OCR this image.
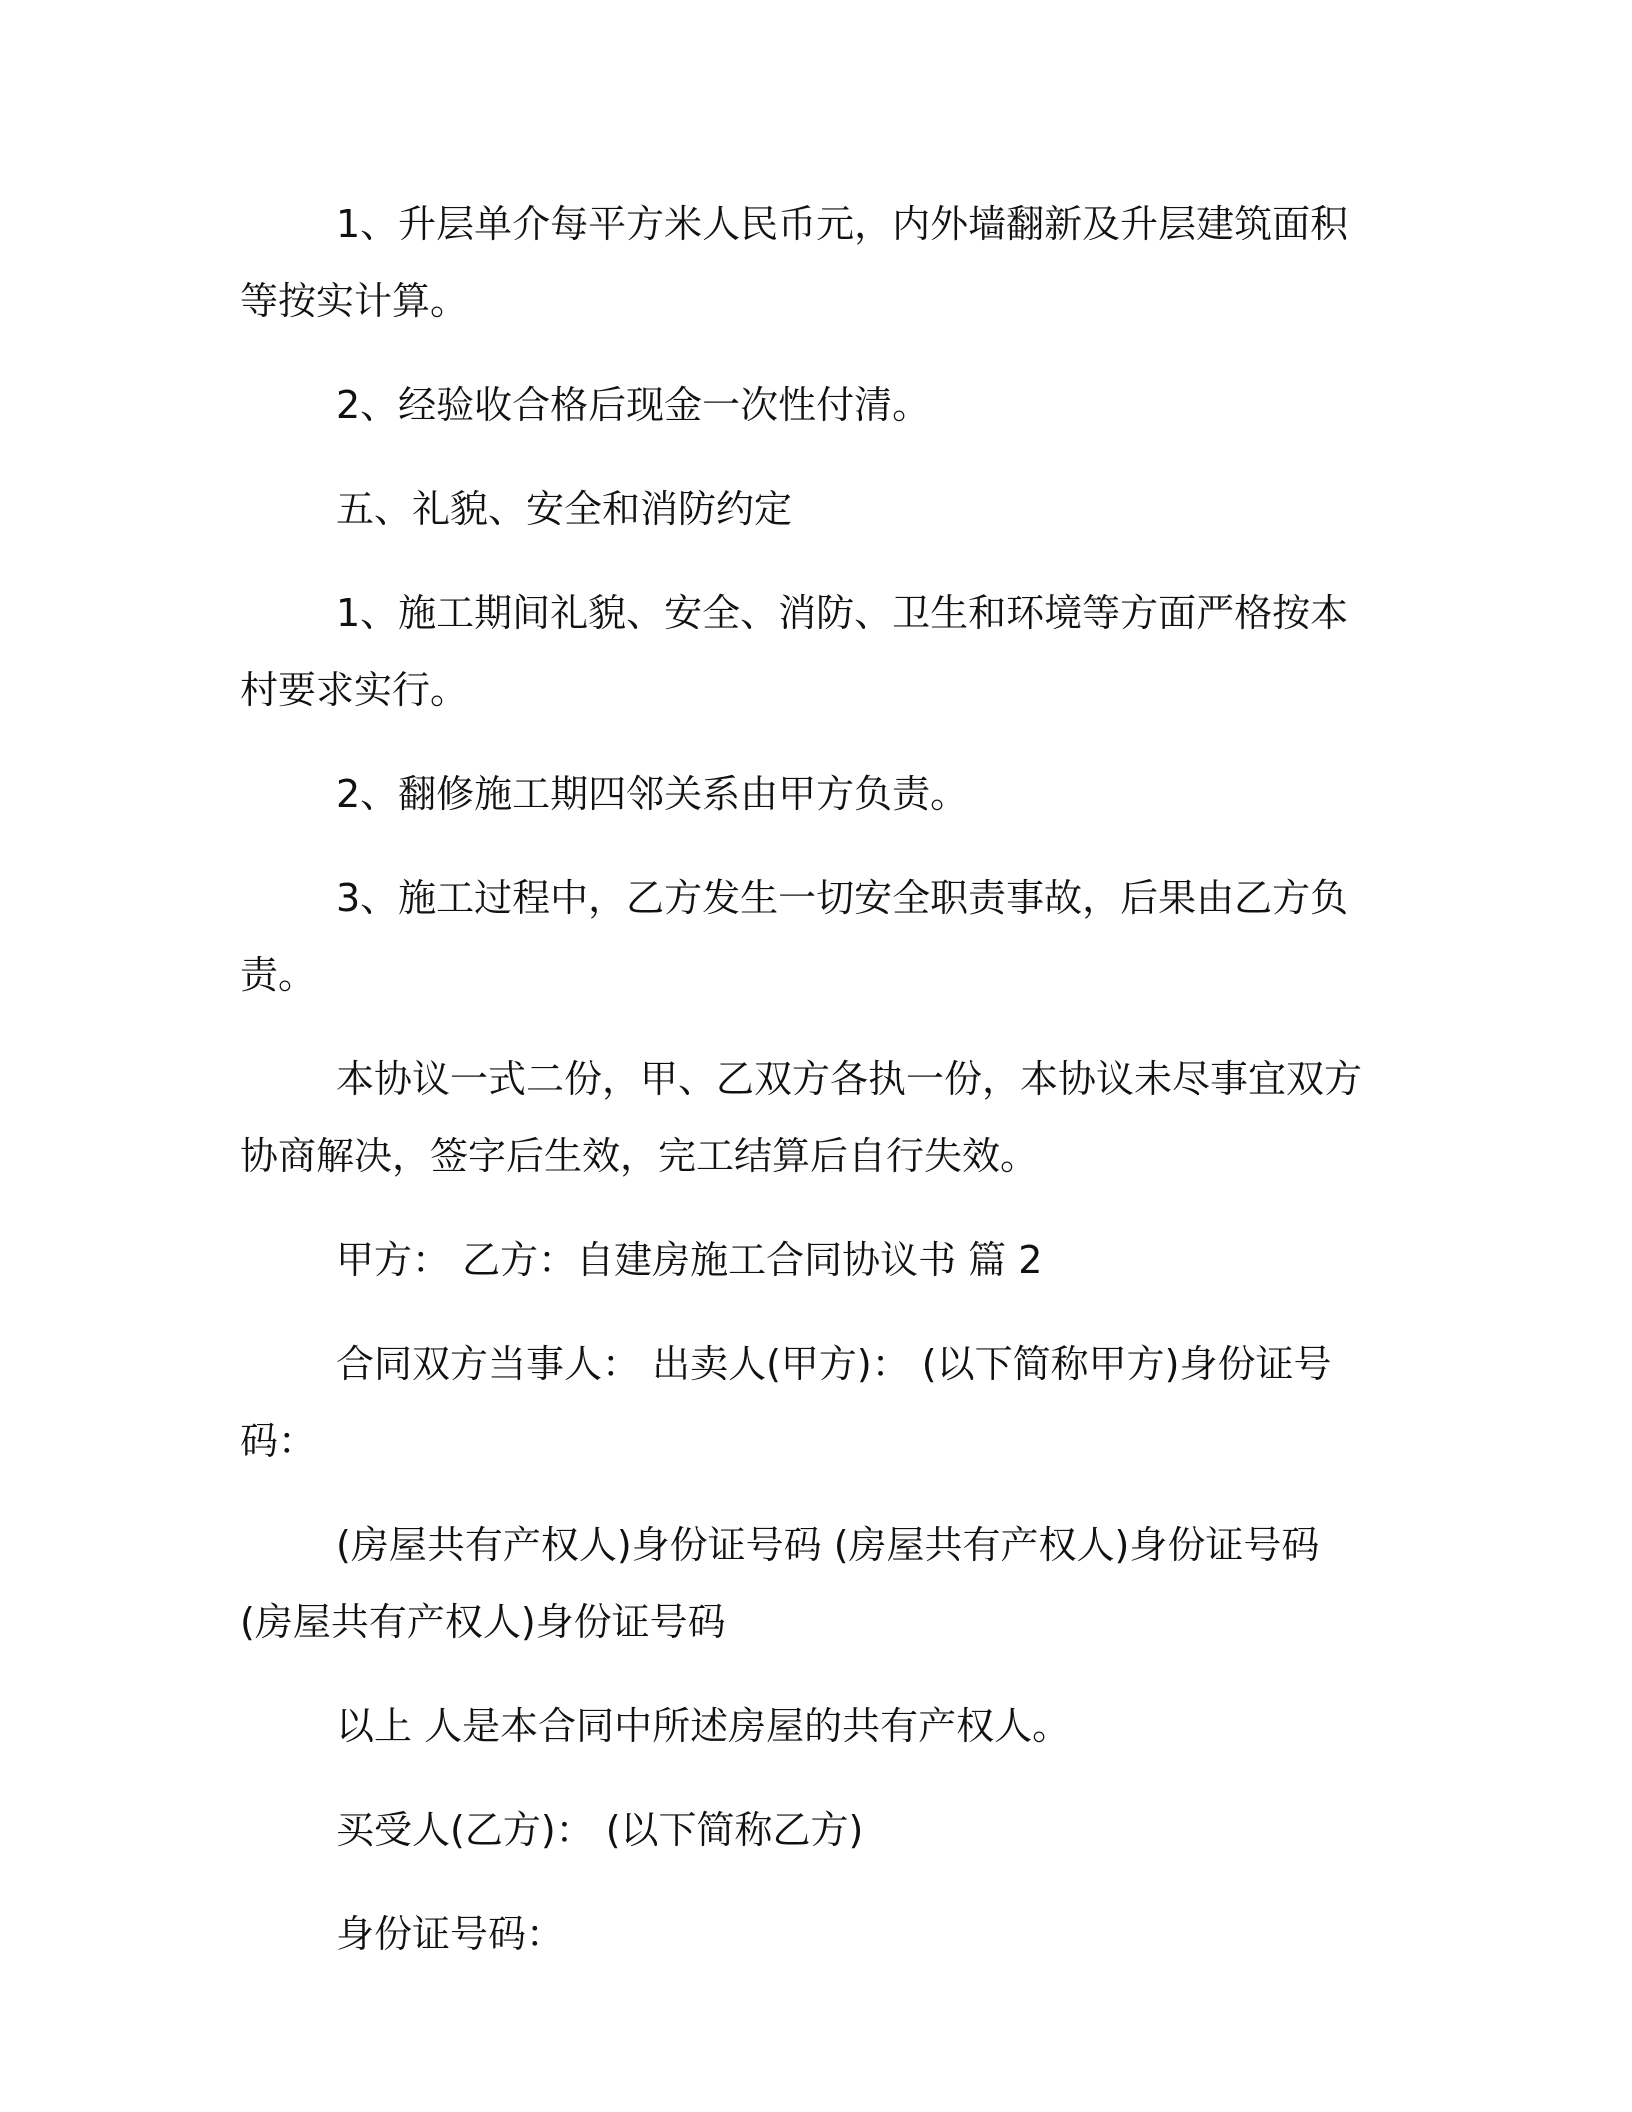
1、升层单介每平方米人民币元，内外墙翻新及升层建筑面积等按实计算。

2、经验收合格后现金一次性付清。

五、礼貌、安全和消防约定

1、施工期间礼貌、安全、消防、卫生和环境等方面严格按本村要求实行。

2、翻修施工期四邻关系由甲方负责。

3、施工过程中，乙方发生一切安全职责事故，后果由乙方负责。

本协议一式二份，甲、乙双方各执一份，本协议未尽事宜双方协商解决，签字后生效，完工结算后自行失效。

甲方： 乙方：自建房施工合同协议书 篇 2

合同双方当事人： 出卖人(甲方)： (以下简称甲方)身份证号码：

(房屋共有产权人)身份证号码 (房屋共有产权人)身份证号码 (房屋共有产权人)身份证号码

以上 人是本合同中所述房屋的共有产权人。

买受人(乙方)： (以下简称乙方)

身份证号码：
